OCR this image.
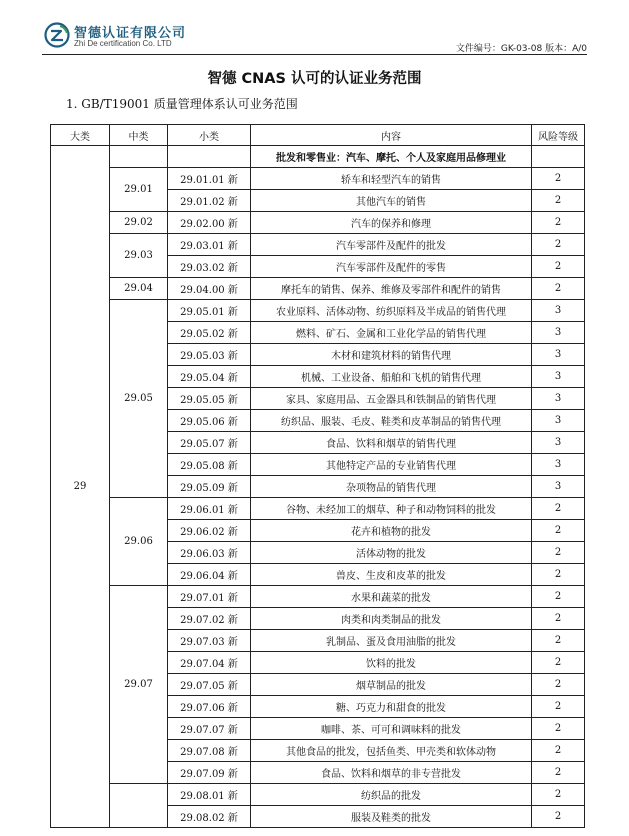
智德认证有限公司
Zhi De certification Co. LTD
文件编号：GK-03-08 版本：A/0
智德 CNAS 认可的认证业务范围
1. GB/T19001 质量管理体系认可业务范围
大类	中类	小类	内容	风险等级
29			批发和零售业：汽车、摩托、个人及家庭用品修理业	
	29.01	29.01.01 新	轿车和轻型汽车的销售	2
		29.01.02 新	其他汽车的销售	2
	29.02	29.02.00 新	汽车的保养和修理	2
	29.03	29.03.01 新	汽车零部件及配件的批发	2
		29.03.02 新	汽车零部件及配件的零售	2
	29.04	29.04.00 新	摩托车的销售、保养、维修及零部件和配件的销售	2
	29.05	29.05.01 新	农业原料、活体动物、纺织原料及半成品的销售代理	3
		29.05.02 新	燃料、矿石、金属和工业化学品的销售代理	3
		29.05.03 新	木材和建筑材料的销售代理	3
		29.05.04 新	机械、工业设备、船舶和飞机的销售代理	3
		29.05.05 新	家具、家庭用品、五金器具和铁制品的销售代理	3
		29.05.06 新	纺织品、服装、毛皮、鞋类和皮革制品的销售代理	3
		29.05.07 新	食品、饮料和烟草的销售代理	3
		29.05.08 新	其他特定产品的专业销售代理	3
		29.05.09 新	杂项物品的销售代理	3
	29.06	29.06.01 新	谷物、未经加工的烟草、种子和动物饲料的批发	2
		29.06.02 新	花卉和植物的批发	2
		29.06.03 新	活体动物的批发	2
		29.06.04 新	兽皮、生皮和皮革的批发	2
	29.07	29.07.01 新	水果和蔬菜的批发	2
		29.07.02 新	肉类和肉类制品的批发	2
		29.07.03 新	乳制品、蛋及食用油脂的批发	2
		29.07.04 新	饮料的批发	2
		29.07.05 新	烟草制品的批发	2
		29.07.06 新	糖、巧克力和甜食的批发	2
		29.07.07 新	咖啡、茶、可可和调味料的批发	2
		29.07.08 新	其他食品的批发，包括鱼类、甲壳类和软体动物	2
		29.07.09 新	食品、饮料和烟草的非专营批发	2
		29.08.01 新	纺织品的批发	2
		29.08.02 新	服装及鞋类的批发	2
